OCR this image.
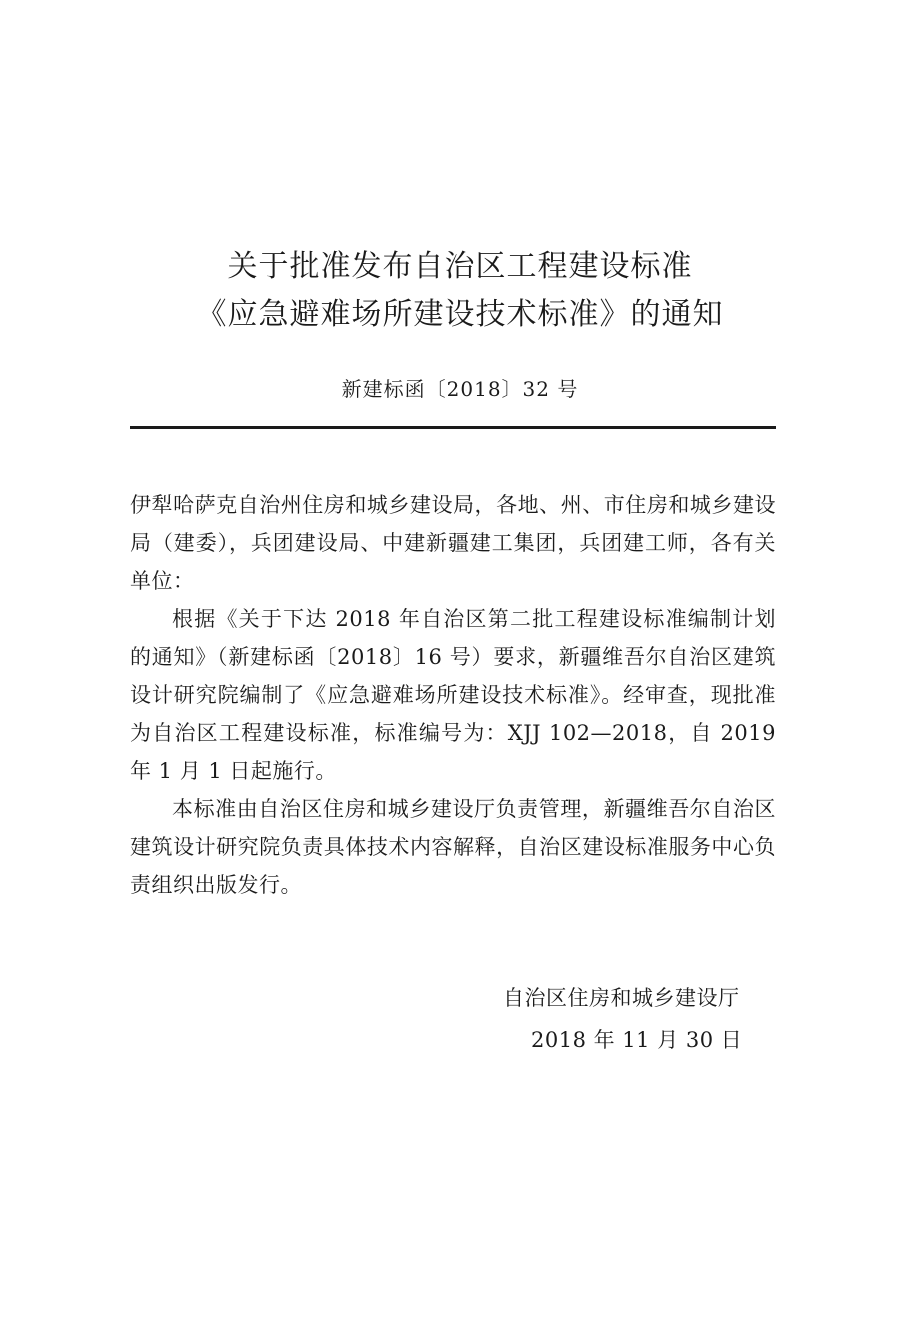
关于批准发布自治区工程建设标准
《应急避难场所建设技术标准》的通知
新建标函〔2018〕32 号

伊犁哈萨克自治州住房和城乡建设局，各地、州、市住房和城乡建设局（建委），兵团建设局、中建新疆建工集团，兵团建工师，各有关单位：

根据《关于下达 2018 年自治区第二批工程建设标准编制计划的通知》（新建标函〔2018〕16 号）要求，新疆维吾尔自治区建筑设计研究院编制了《应急避难场所建设技术标准》。经审查，现批准为自治区工程建设标准，标准编号为：XJJ 102—2018，自 2019 年 1 月 1 日起施行。

本标准由自治区住房和城乡建设厅负责管理，新疆维吾尔自治区建筑设计研究院负责具体技术内容解释，自治区建设标准服务中心负责组织出版发行。

自治区住房和城乡建设厅
2018 年 11 月 30 日
